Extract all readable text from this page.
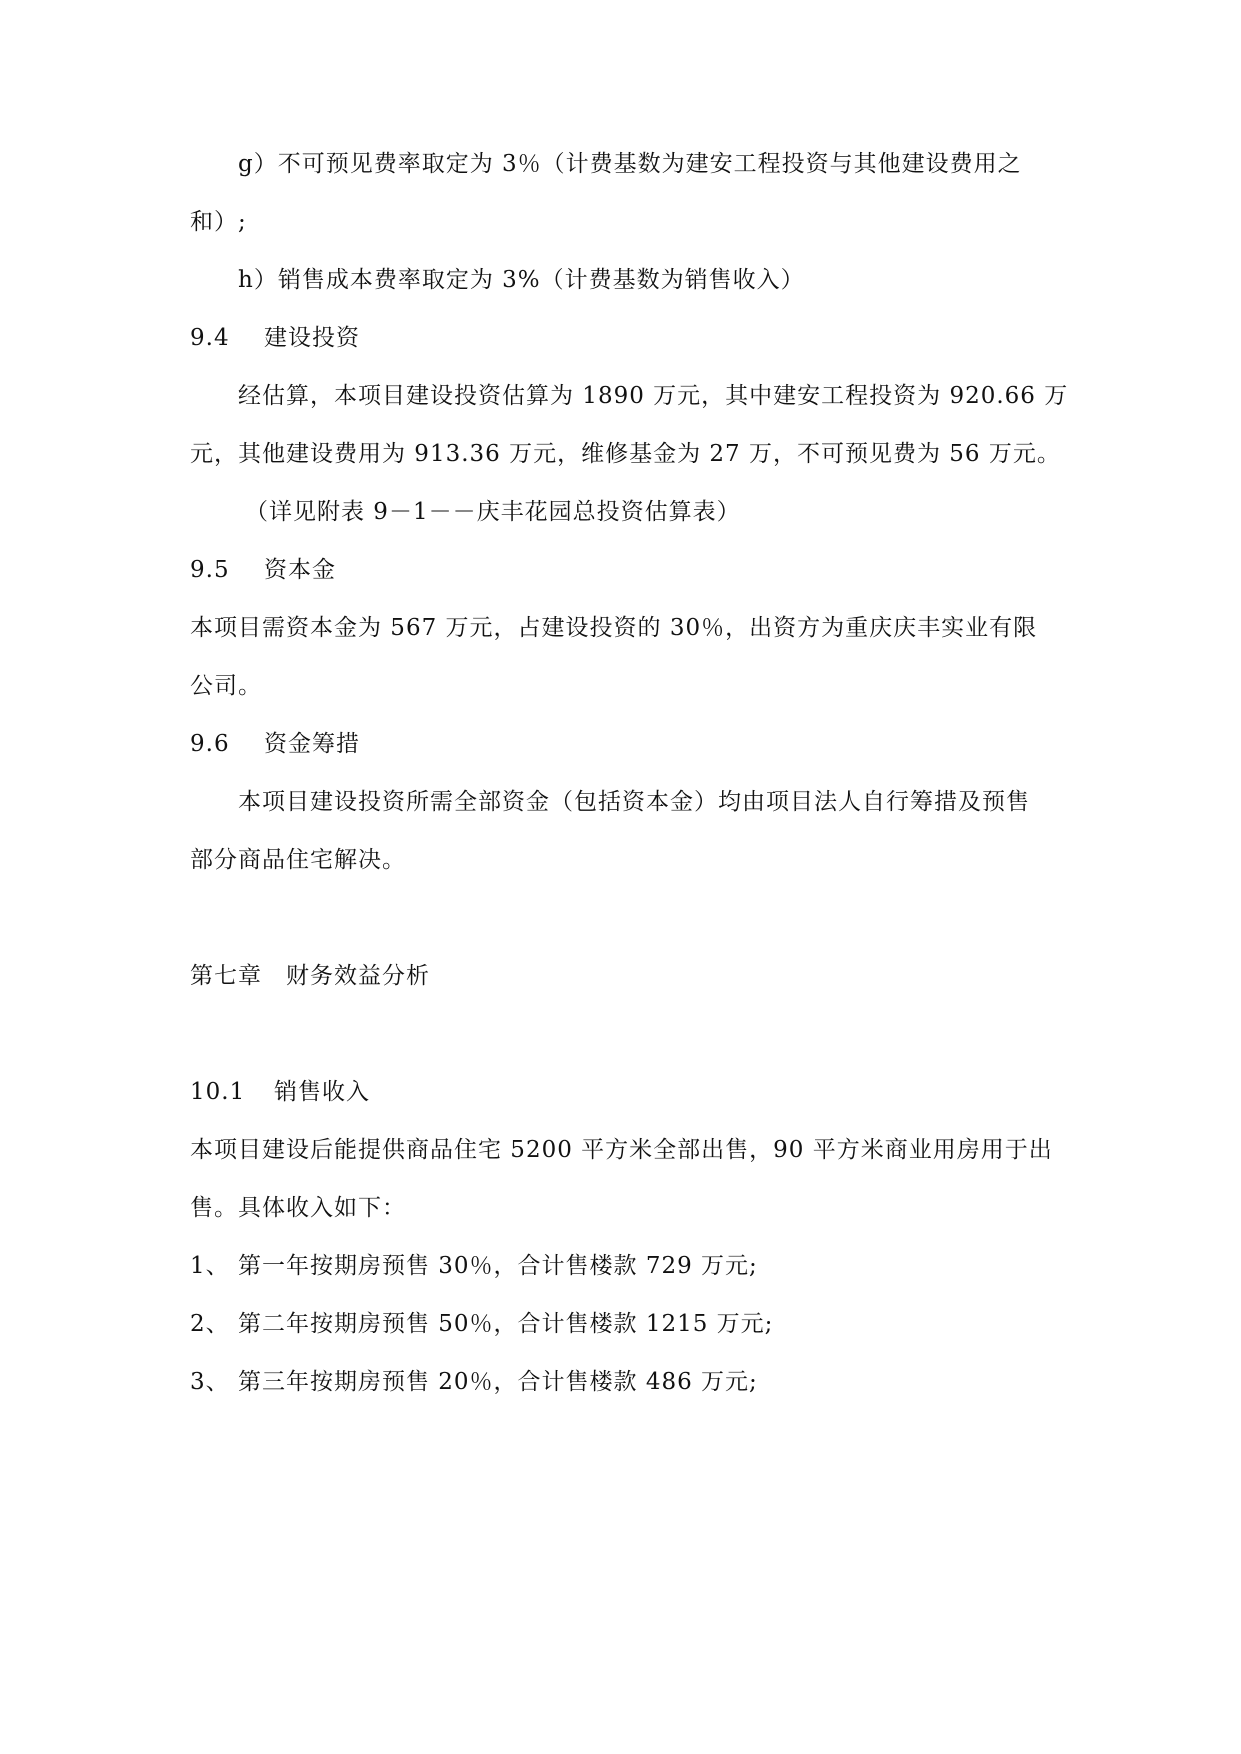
g）不可预见费率取定为 3％（计费基数为建安工程投资与其他建设费用之
和）;
h）销售成本费率取定为 3%（计费基数为销售收入）
9.4 建设投资
经估算，本项目建设投资估算为 1890 万元，其中建安工程投资为 920.66 万
元，其他建设费用为 913.36 万元，维修基金为 27 万，不可预见费为 56 万元。
（详见附表 9－1－－庆丰花园总投资估算表）
9.5 资本金
本项目需资本金为 567 万元，占建设投资的 30％，出资方为重庆庆丰实业有限
公司。
9.6 资金筹措
本项目建设投资所需全部资金（包括资本金）均由项目法人自行筹措及预售
部分商品住宅解决。
第七章　财务效益分析
10.1 销售收入
本项目建设后能提供商品住宅 5200 平方米全部出售，90 平方米商业用房用于出
售。具体收入如下：
1、 第一年按期房预售 30％，合计售楼款 729 万元;
2、 第二年按期房预售 50％，合计售楼款 1215 万元;
3、 第三年按期房预售 20％，合计售楼款 486 万元;
